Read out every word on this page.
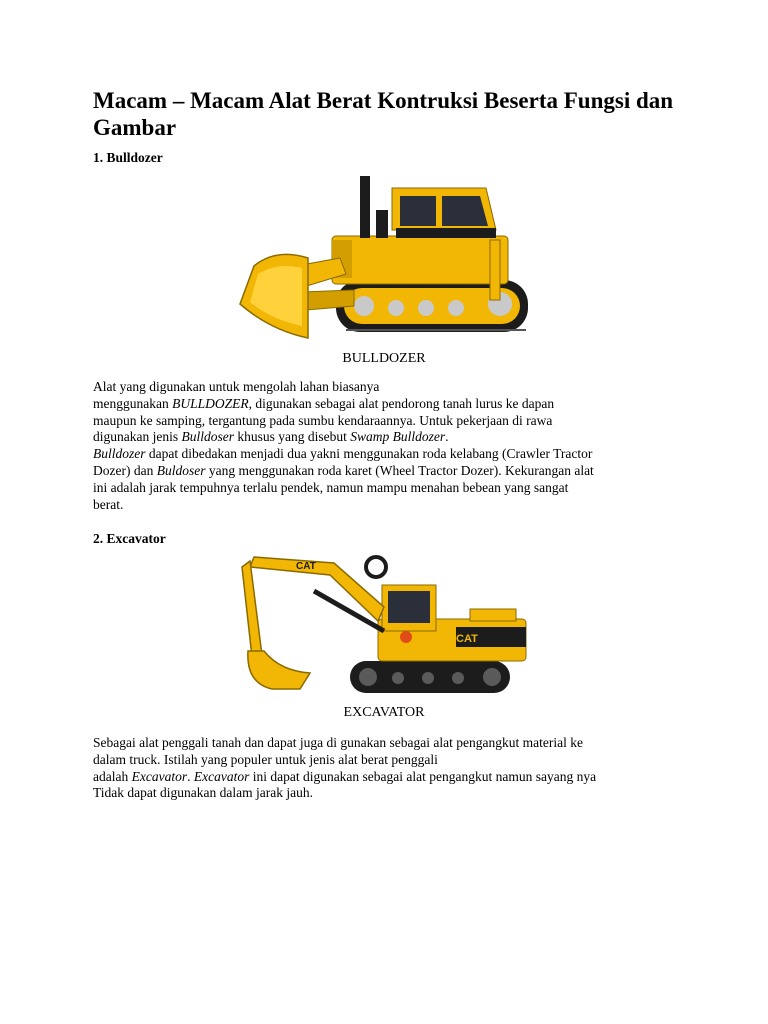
Macam – Macam Alat Berat Kontruksi Beserta Fungsi dan Gambar
1. Bulldozer
BULLDOZER
Alat yang digunakan untuk mengolah lahan biasanya
menggunakan BULLDOZER, digunakan sebagai alat pendorong tanah lurus ke dapan
maupun ke samping, tergantung pada sumbu kendaraannya. Untuk pekerjaan di rawa
digunakan jenis Bulldoser khusus yang disebut Swamp Bulldozer.
Bulldozer dapat dibedakan menjadi dua yakni menggunakan roda kelabang (Crawler Tractor
Dozer) dan Buldoser yang menggunakan roda karet (Wheel Tractor Dozer). Kekurangan alat
ini adalah jarak tempuhnya terlalu pendek, namun mampu menahan bebean yang sangat
berat.
2. Excavator
CAT
CAT
EXCAVATOR
Sebagai alat penggali tanah dan dapat juga di gunakan sebagai alat pengangkut material ke
dalam truck. Istilah yang populer untuk jenis alat berat penggali
adalah Excavator. Excavator ini dapat digunakan sebagai alat pengangkut namun sayang nya
Tidak dapat digunakan dalam jarak jauh.
